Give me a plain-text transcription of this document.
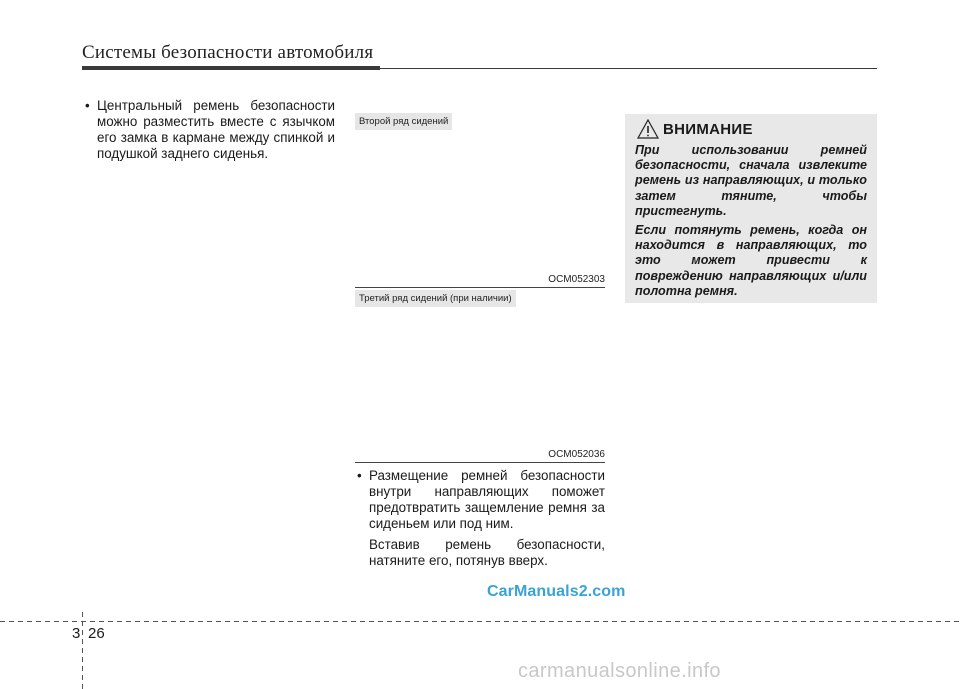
Системы безопасности автомобиля
• Центральный ремень безопасности можно разместить вместе с язычком его замка в кармане между спинкой и подушкой заднего сиденья.
Второй ряд сидений
OCM052303
Третий ряд сидений (при наличии)
OCM052036
• Размещение ремней безопасности внутри направляющих поможет предотвратить защемление ремня за сиденьем или под ним.
Вставив ремень безопасности, натяните его, потянув вверх.
ВНИМАНИЕ
При использовании ремней безопасности, сначала извлеките ремень из направляющих, и только затем тяните, чтобы пристегнуть.
Если потянуть ремень, когда он находится в направляющих, то это может привести к повреждению направляющих и/или полотна ремня.
CarManuals2.com
3 26
carmanualsonline.info
